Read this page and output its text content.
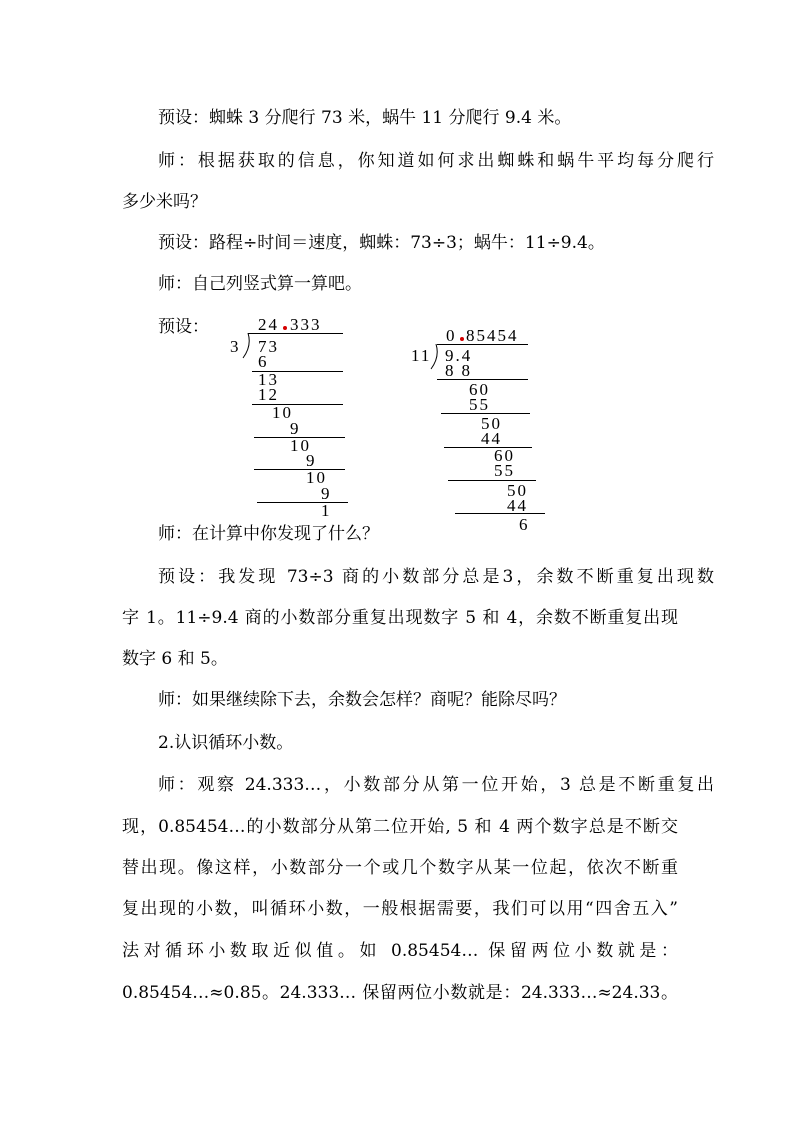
预设：蜘蛛 3 分爬行 73 米，蜗牛 11 分爬行 9.4 米。
师：根据获取的信息，你知道如何求出蜘蛛和蜗牛平均每分爬行
多少米吗？
预设：路程÷时间＝速度，蜘蛛：73÷3；蜗牛：11÷9.4。
师：自己列竖式算一算吧。
预设：	24 333
3 73
6
13
12
10
9
10
9
10
9
1
0 85454
11 9.4
88
60
55
50
44
60
55
50
44
6
师：在计算中你发现了什么？
预设：我发现 73÷3 商的小数部分总是3，余数不断重复出现数
字 1。11÷9.4 商的小数部分重复出现数字 5 和 4，余数不断重复出现
数字 6 和 5。
师：如果继续除下去，余数会怎样？商呢？能除尽吗？
2.认识循环小数。
师：观察 24.333…，小数部分从第一位开始，3 总是不断重复出
现，0.85454…的小数部分从第二位开始, 5 和 4 两个数字总是不断交
替出现。像这样，小数部分一个或几个数字从某一位起，依次不断重
复出现的小数，叫循环小数，一般根据需要，我们可以用“四舍五入”
法对循环小数取近似值。如 0.85454… 保留两位小数就是：
0.85454…≈0.85。24.333… 保留两位小数就是：24.333…≈24.33。
